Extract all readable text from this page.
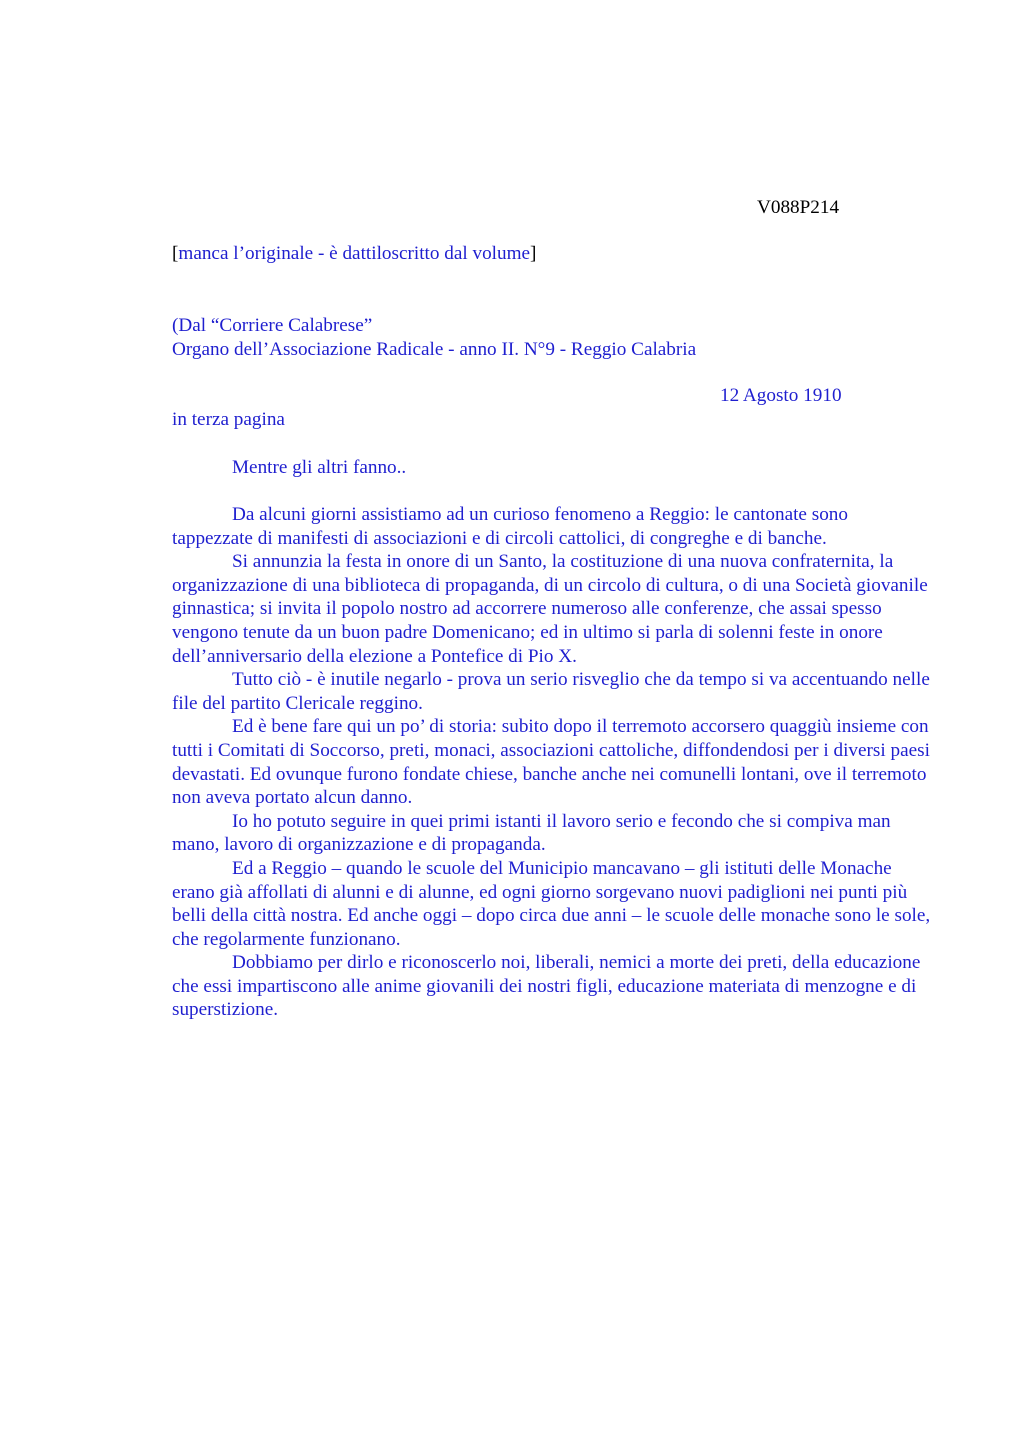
V088P214
[manca l’originale - è dattiloscritto dal volume]
(Dal “Corriere Calabrese”
Organo dell’Associazione Radicale - anno II. N°9 - Reggio Calabria
12 Agosto 1910
in terza pagina
Mentre gli altri fanno..

Da alcuni giorni assistiamo ad un curioso fenomeno a Reggio: le cantonate sono tappezzate di manifesti di associazioni e di circoli cattolici, di congreghe e di banche.

Si annunzia la festa in onore di un Santo, la costituzione di una nuova confraternita, la organizzazione di una biblioteca di propaganda, di un circolo di cultura, o di una Società giovanile ginnastica; si invita il popolo nostro ad accorrere numeroso alle conferenze, che assai spesso vengono tenute da un buon padre Domenicano; ed in ultimo si parla di solenni feste in onore dell’anniversario della elezione a Pontefice di Pio X.

Tutto ciò - è inutile negarlo - prova un serio risveglio che da tempo si va accentuando nelle file del partito Clericale reggino.

Ed è bene fare qui un po’ di storia: subito dopo il terremoto accorsero quaggiù insieme con tutti i Comitati di Soccorso, preti, monaci, associazioni cattoliche, diffondendosi per i diversi paesi devastati. Ed ovunque furono fondate chiese, banche anche nei comunelli lontani, ove il terremoto non aveva portato alcun danno.

Io ho potuto seguire in quei primi istanti il lavoro serio e fecondo che si compiva man mano, lavoro di organizzazione e di propaganda.

Ed a Reggio – quando le scuole del Municipio mancavano – gli istituti delle Monache erano già affollati di alunni e di alunne, ed ogni giorno sorgevano nuovi padiglioni nei punti più belli della città nostra. Ed anche oggi – dopo circa due anni – le scuole delle monache sono le sole, che regolarmente funzionano.

Dobbiamo per dirlo e riconoscerlo noi, liberali, nemici a morte dei preti, della educazione che essi impartiscono alle anime giovanili dei nostri figli, educazione materiata di menzogne e di superstizione.
